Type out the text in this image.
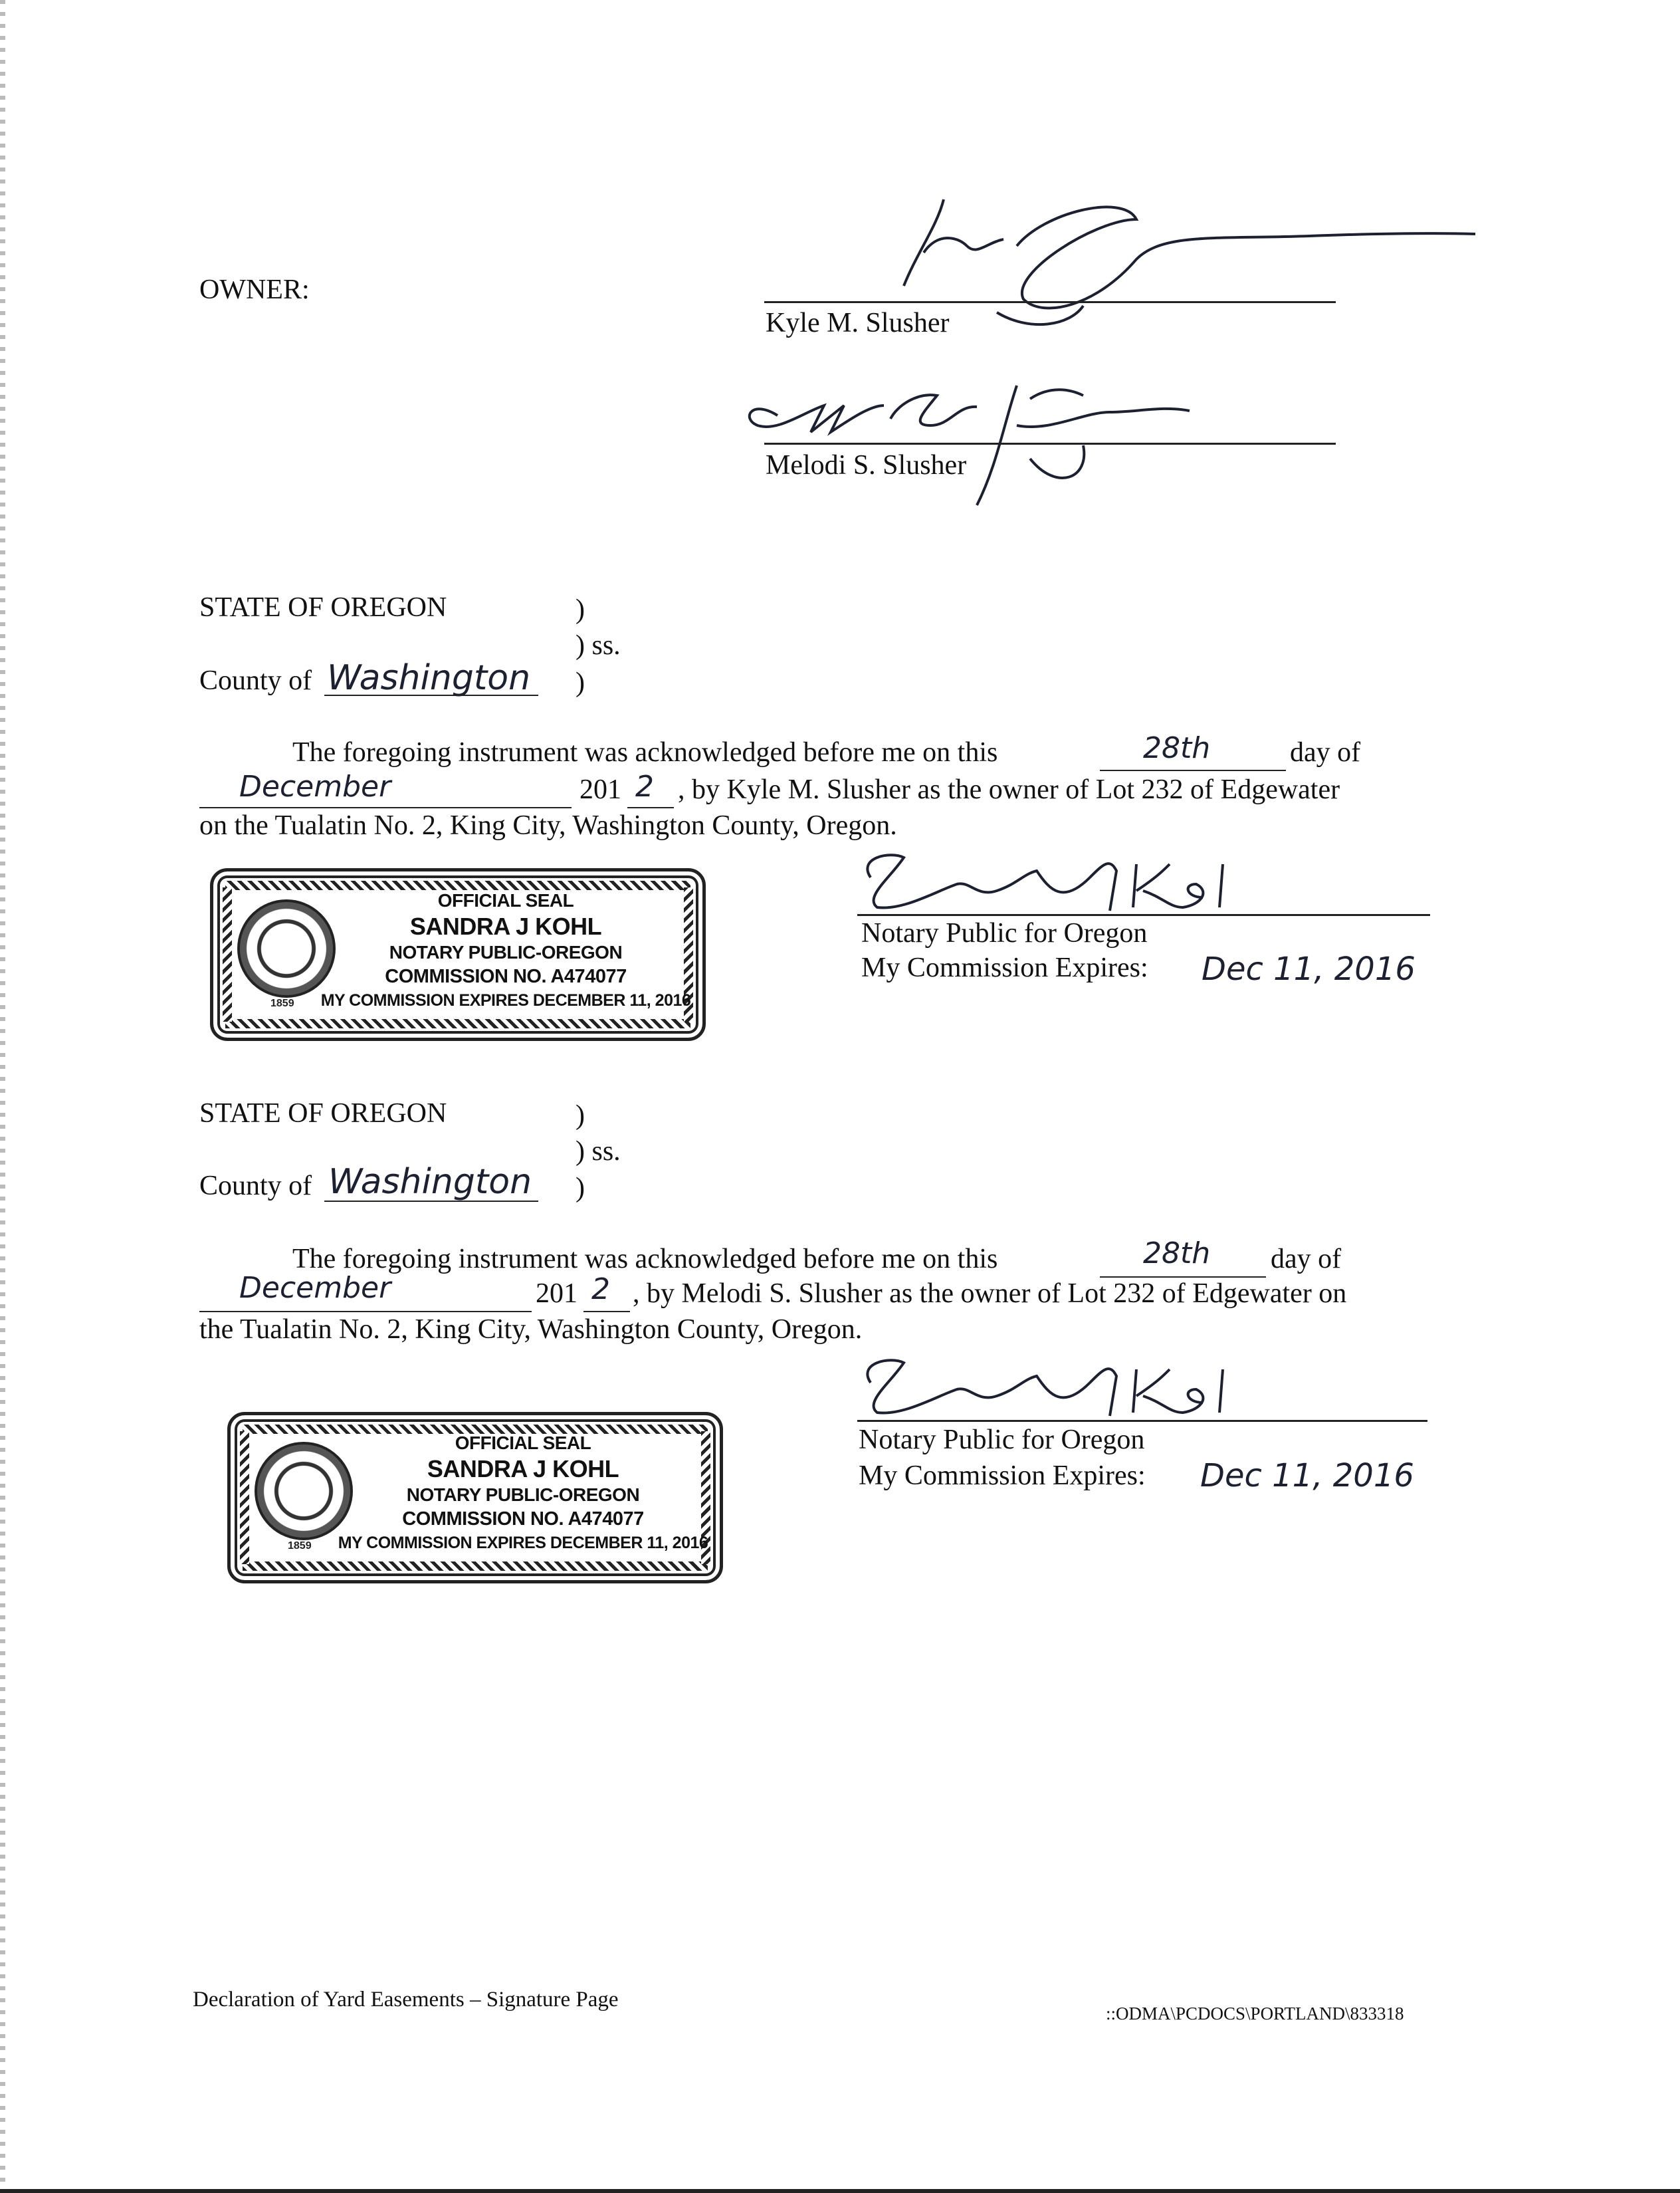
OWNER:
Kyle M. Slusher
Melodi S. Slusher
STATE OF OREGON	)
) ss.
County of Washington )
The foregoing instrument was acknowledged before me on this	28th	day of
December	201 2 , by Kyle M. Slusher as the owner of Lot 232 of Edgewater
on the Tualatin No. 2, King City, Washington County, Oregon.
1859
OFFICIAL SEAL
SANDRA J KOHL
NOTARY PUBLIC-OREGON
COMMISSION NO. A474077
MY COMMISSION EXPIRES DECEMBER 11, 2016
Notary Public for Oregon
My Commission Expires: Dec 11, 2016
STATE OF OREGON	)
) ss.
County of Washington )
The foregoing instrument was acknowledged before me on this	28th day of
December	201 2 , by Melodi S. Slusher as the owner of Lot 232 of Edgewater on
the Tualatin No. 2, King City, Washington County, Oregon.
1859
OFFICIAL SEAL
SANDRA J KOHL
NOTARY PUBLIC-OREGON
COMMISSION NO. A474077
MY COMMISSION EXPIRES DECEMBER 11, 2016
Notary Public for Oregon
My Commission Expires: Dec 11, 2016
Declaration of Yard Easements – Signature Page
::ODMA\PCDOCS\PORTLAND\833318
